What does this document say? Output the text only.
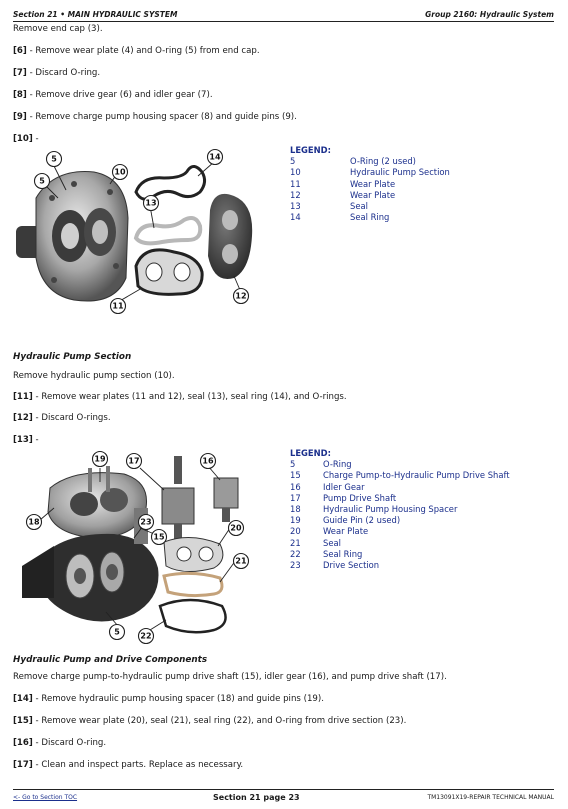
Section 21 • MAIN HYDRAULIC SYSTEM	Group 2160: Hydraulic System
Remove end cap (3).
[6] - Remove wear plate (4) and O-ring (5) from end cap.
[7] - Discard O-ring.
[8] - Remove drive gear (6) and idler gear (7).
[9] - Remove charge pump housing spacer (8) and guide pins (9).
[10] -
5
5
10
13
14
11
12
LEGEND:
5	O-Ring (2 used)
10	Hydraulic Pump Section
11	Wear Plate
12	Wear Plate
13	Seal
14	Seal Ring
Hydraulic Pump Section
Remove hydraulic pump section (10).
[11] - Remove wear plates (11 and 12), seal (13), seal ring (14), and O-rings.
[12] - Discard O-rings.
[13] -
19	17	16
18	23
15
20
21
5	22
LEGEND:
5	O-Ring
15	Charge Pump-to-Hydraulic Pump Drive Shaft
16	Idler Gear
17	Pump Drive Shaft
18	Hydraulic Pump Housing Spacer
19	Guide Pin (2 used)
20	Wear Plate
21	Seal
22	Seal Ring
23	Drive Section
Hydraulic Pump and Drive Components
Remove charge pump-to-hydraulic pump drive shaft (15), idler gear (16), and pump drive shaft (17).
[14] - Remove hydraulic pump housing spacer (18) and guide pins (19).
[15] - Remove wear plate (20), seal (21), seal ring (22), and O-ring from drive section (23).
[16] - Discard O-ring.
[17] - Clean and inspect parts. Replace as necessary.
<- Go to Section TOC	Section 21 page 23	TM13091X19-REPAIR TECHNICAL MANUAL
